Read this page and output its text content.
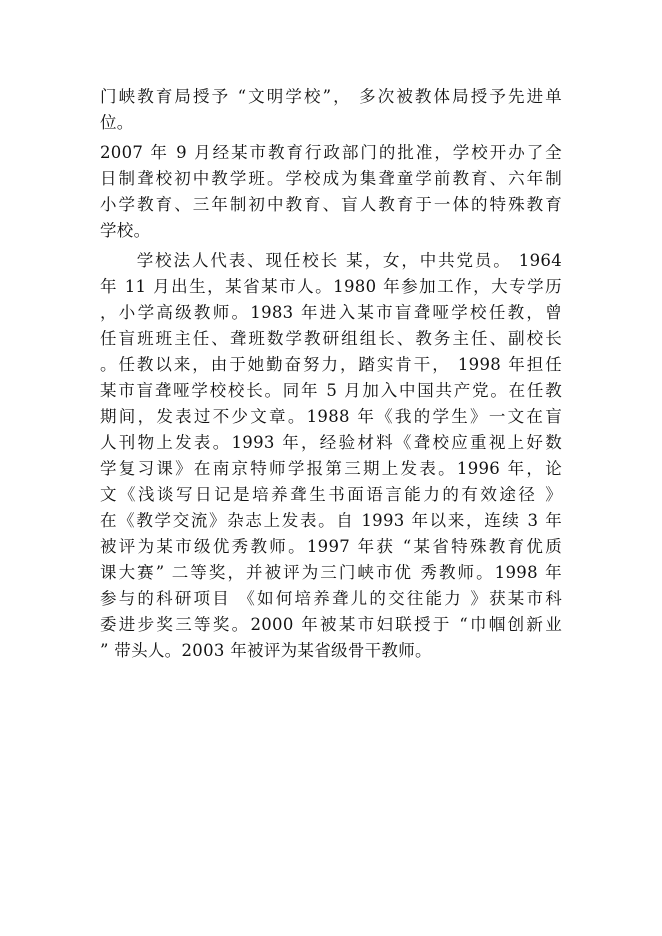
门峡教育局授予 “文明学校”， 多次被教体局授予先进单
位。
2007 年 9 月经某市教育行政部门的批准，学校开办了全
日制聋校初中教学班。学校成为集聋童学前教育、六年制
小学教育、三年制初中教育、盲人教育于一体的特殊教育
学校。
　　学校法人代表、现任校长 某，女，中共党员。 1964
年 11 月出生，某省某市人。1980 年参加工作，大专学历
，小学高级教师。1983 年进入某市盲聋哑学校任教，曾
任盲班班主任、聋班数学教研组组长、教务主任、副校长
。任教以来，由于她勤奋努力，踏实肯干， 1998 年担任
某市盲聋哑学校校长。同年 5 月加入中国共产党。在任教
期间，发表过不少文章。1988 年《我的学生》一文在盲
人刊物上发表。1993 年，经验材料《聋校应重视上好数
学复习课》在南京特师学报第三期上发表。1996 年，论
文《浅谈写日记是培养聋生书面语言能力的有效途径 》
在《教学交流》杂志上发表。自 1993 年以来，连续 3 年
被评为某市级优秀教师。1997 年获 “某省特殊教育优质
课大赛” 二等奖，并被评为三门峡市优 秀教师。1998 年
参与的科研项目 《如何培养聋儿的交往能力 》获某市科
委进步奖三等奖。2000 年被某市妇联授于 “巾帼创新业
” 带头人。2003 年被评为某省级骨干教师。
